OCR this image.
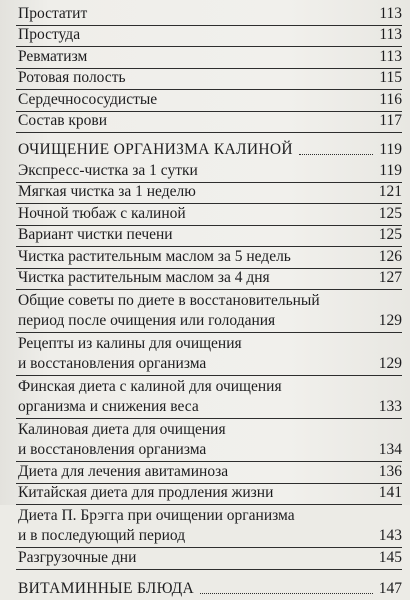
Простатит	113
Простуда	113
Ревматизм	113
Ротовая полость	115
Сердечнососудистые	116
Состав крови	117
ОЧИЩЕНИЕ ОРГАНИЗМА КАЛИНОЙ	119
Экспресс-чистка за 1 сутки	119
Мягкая чистка за 1 неделю	121
Ночной тюбаж с калиной	125
Вариант чистки печени	125
Чистка растительным маслом за 5 недель	126
Чистка растительным маслом за 4 дня	127
Общие советы по диете в восстановительный
период после очищения или голодания	129
Рецепты из калины для очищения
и восстановления организма	129
Финская диета с калиной для очищения
организма и снижения веса	133
Калиновая диета для очищения
и восстановления организма	134
Диета для лечения авитаминоза	136
Китайская диета для продления жизни	141
Диета П. Брэгга при очищении организма
и в последующий период	143
Разгрузочные дни	145
ВИТАМИННЫЕ БЛЮДА	147
